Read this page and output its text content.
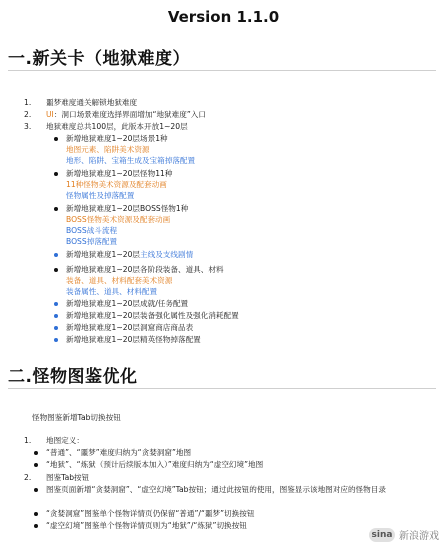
Version 1.1.0
一.新关卡（地狱难度）
1. 噩梦难度通关解锁地狱难度
2. UI：洞口场景难度选择界面增加“地狱难度”入口
3. 地狱难度总共100层，此版本开放1~20层
新增地狱难度1~20层场景1种
地图元素、陷阱美术资源
地形、陷阱、宝箱生成及宝箱掉落配置
新增地狱难度1~20层怪物11种
11种怪物美术资源及配套动画
怪物属性及掉落配置
新增地狱难度1~20层BOSS怪物1种
BOSS怪物美术资源及配套动画
BOSS战斗流程
BOSS掉落配置
新增地狱难度1~20层主线及支线剧情
新增地狱难度1~20层各阶段装备、道具、材料
装备、道具、材料配套美术资源
装备属性、道具、材料配置
新增地狱难度1~20层成就/任务配置
新增地狱难度1~20层装备强化属性及强化消耗配置
新增地狱难度1~20层洞窟商店商品表
新增地狱难度1~20层精英怪物掉落配置
二.怪物图鉴优化
怪物图鉴新增Tab切换按钮
1. 地图定义：
“普通”、“噩梦”难度归纳为“贪婪洞窟”地图
“地狱”、“炼狱（预计后续版本加入）”难度归纳为“虚空幻境”地图
2. 图鉴Tab按钮
图鉴页面新增“贪婪洞窟”、“虚空幻境”Tab按钮；通过此按钮的使用，图鉴显示该地图对应的怪物目录
“贪婪洞窟”图鉴单个怪物详情页仍保留“普通”/“噩梦”切换按钮
“虚空幻境”图鉴单个怪物详情页则为“地狱”/“炼狱”切换按钮
sina 新浪游戏
